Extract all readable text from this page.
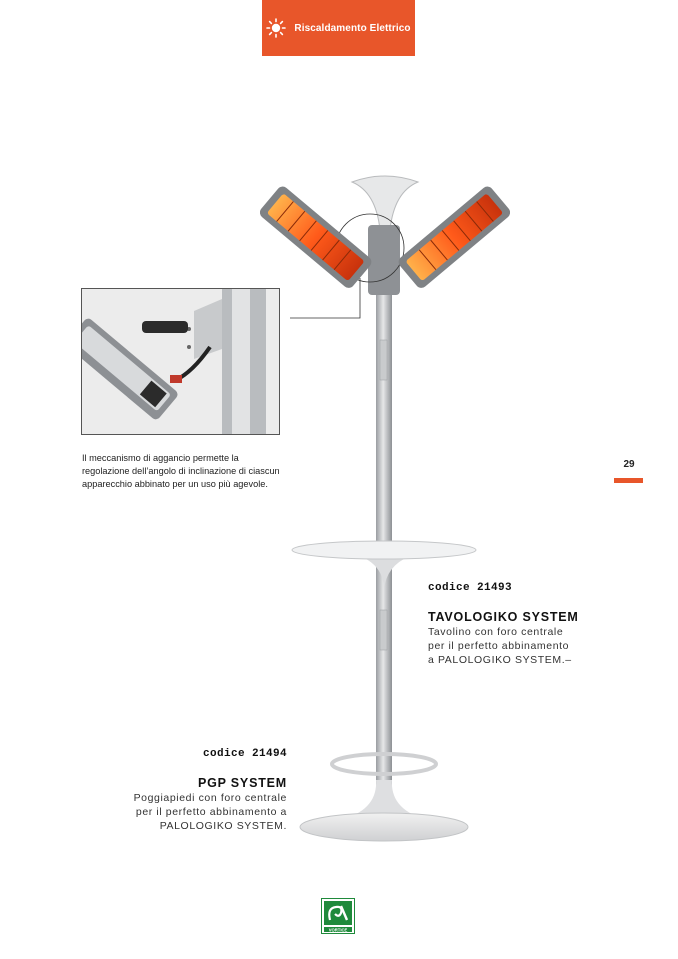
Riscaldamento Elettrico
Il meccanismo di aggancio permette la regolazione dell’angolo di inclinazione di ciascun apparecchio abbinato per un uso più agevole.
29
codice 21493
TAVOLOGIKO SYSTEM
Tavolino con foro centrale
per il perfetto abbinamento
a PALOLOGIKO SYSTEM.–
codice 21494
PGP SYSTEM
Poggiapiedi con foro centrale
per il perfetto abbinamento a
PALOLOGIKO SYSTEM.
VORTICE
